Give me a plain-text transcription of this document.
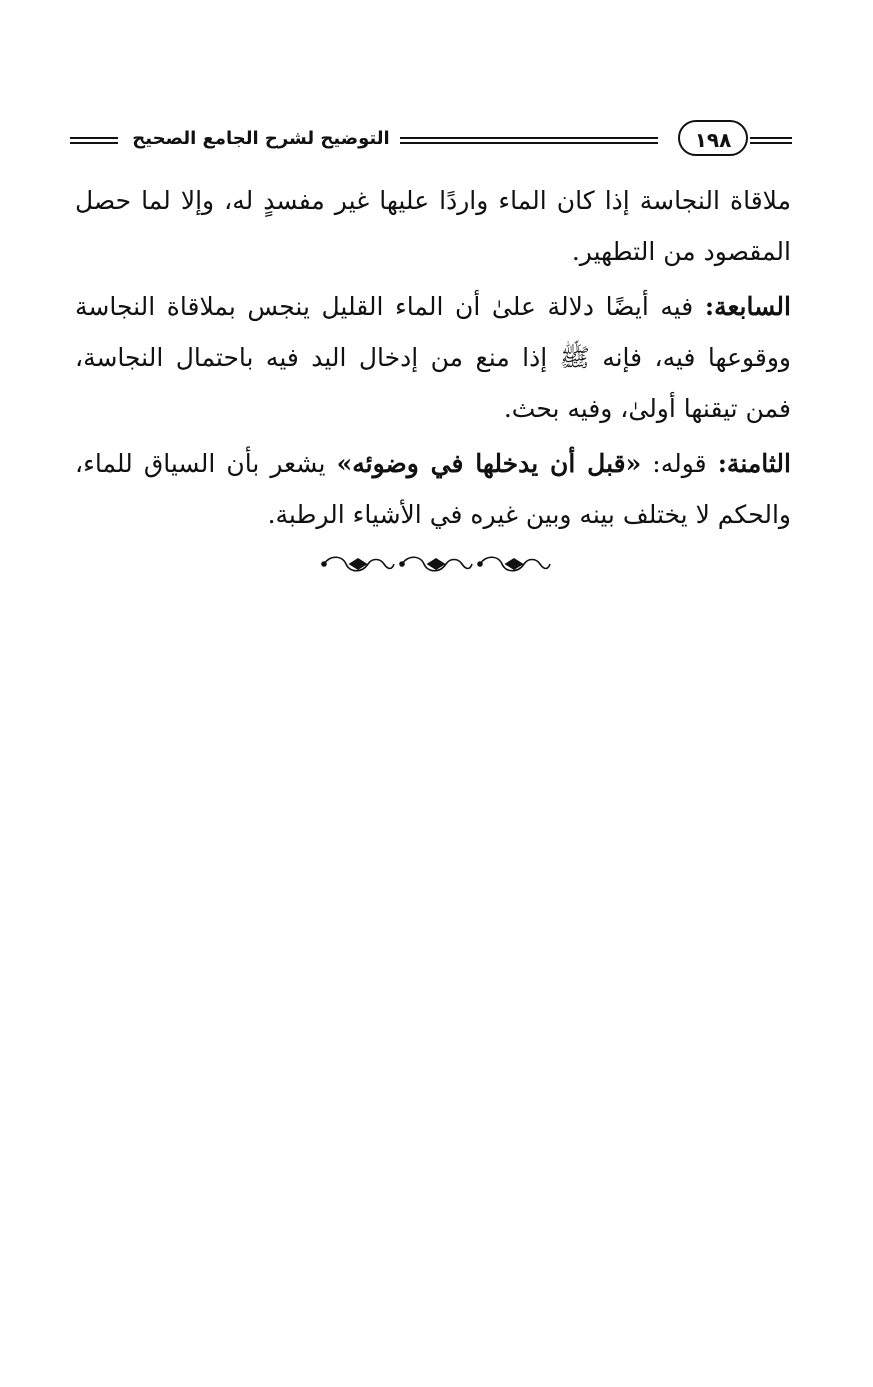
التوضيح لشرح الجامع الصحيح	١٩٨

ملاقاة النجاسة إذا كان الماء واردًا عليها غير مفسدٍ له، وإلا لما حصل المقصود من التطهير.

السابعة: فيه أيضًا دلالة علىٰ أن الماء القليل ينجس بملاقاة النجاسة ووقوعها فيه، فإنه ﷺ إذا منع من إدخال اليد فيه باحتمال النجاسة، فمن تيقنها أولىٰ، وفيه بحث.

الثامنة: قوله: «قبل أن يدخلها في وضوئه» يشعر بأن السياق للماء، والحكم لا يختلف بينه وبين غيره في الأشياء الرطبة.
